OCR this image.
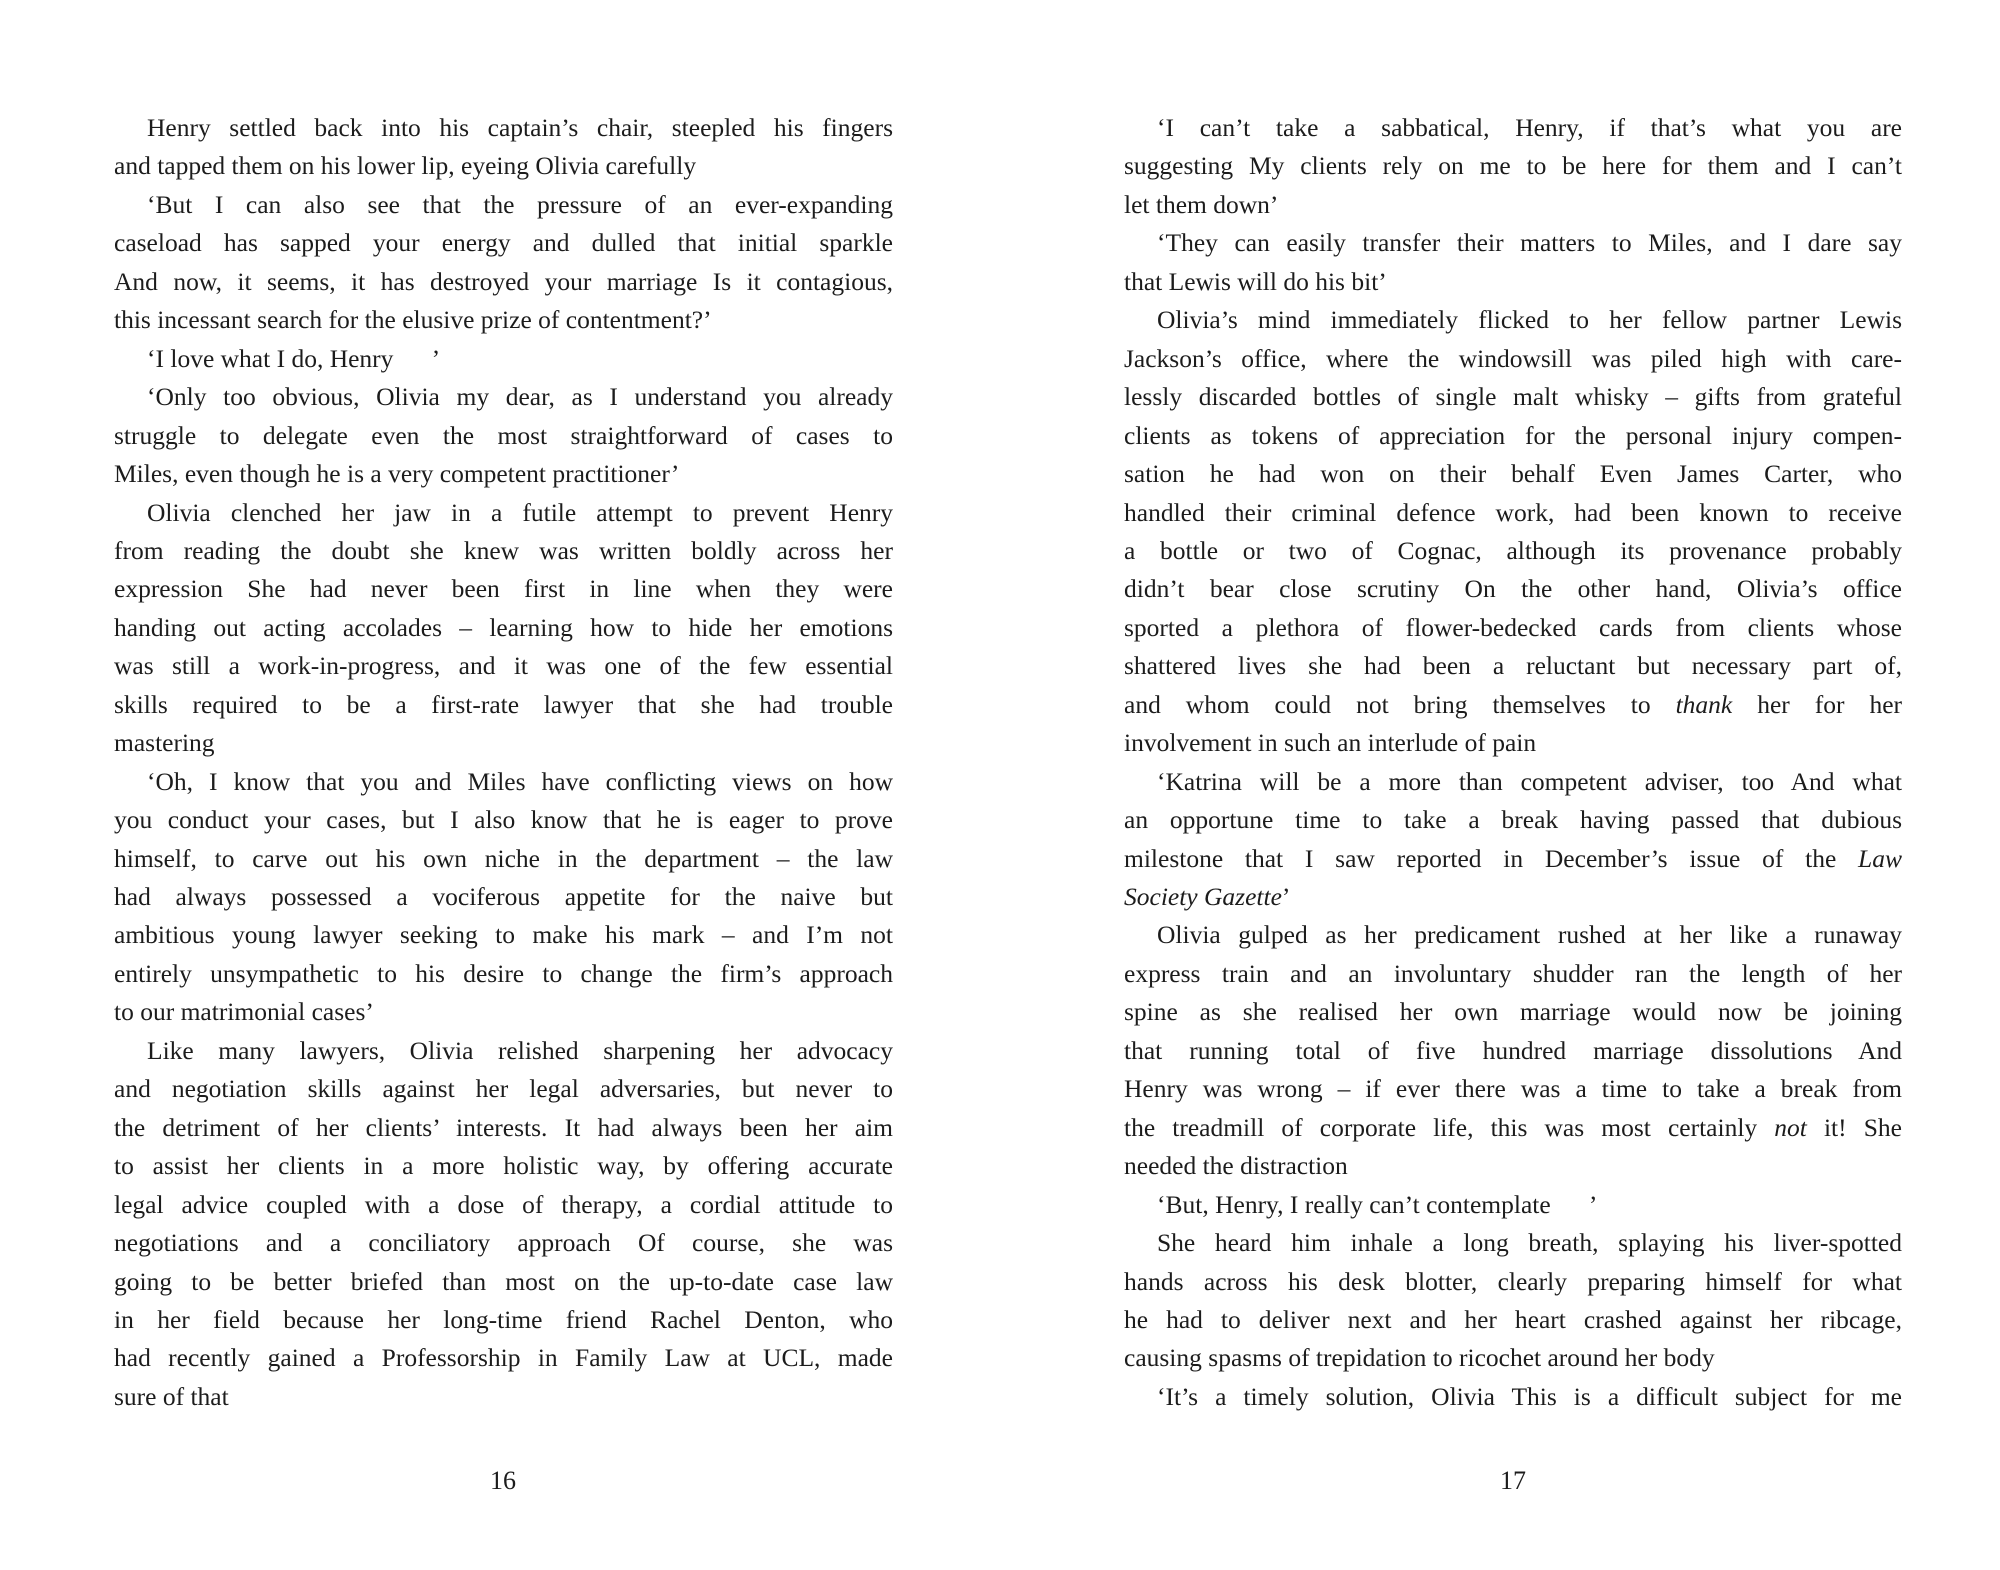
Henry settled back into his captain’s chair, steepled his fingers
and tapped them on his lower lip, eyeing Olivia carefully
‘But I can also see that the pressure of an ever-expanding
caseload has sapped your energy and dulled that initial sparkle
And now, it seems, it has destroyed your marriage Is it contagious,
this incessant search for the elusive prize of contentment?’
‘I love what I do, Henry      ’
‘Only too obvious, Olivia my dear, as I understand you already
struggle to delegate even the most straightforward of cases to
Miles, even though he is a very competent practitioner’
Olivia clenched her jaw in a futile attempt to prevent Henry
from reading the doubt she knew was written boldly across her
expression She had never been first in line when they were
handing out acting accolades – learning how to hide her emotions
was still a work-in-progress, and it was one of the few essential
skills required to be a first-rate lawyer that she had trouble
mastering
‘Oh, I know that you and Miles have conflicting views on how
you conduct your cases, but I also know that he is eager to prove
himself, to carve out his own niche in the department – the law
had always possessed a vociferous appetite for the naive but
ambitious young lawyer seeking to make his mark – and I’m not
entirely unsympathetic to his desire to change the firm’s approach
to our matrimonial cases’
Like many lawyers, Olivia relished sharpening her advocacy
and negotiation skills against her legal adversaries, but never to
the detriment of her clients’ interests. It had always been her aim
to assist her clients in a more holistic way, by offering accurate
legal advice coupled with a dose of therapy, a cordial attitude to
negotiations and a conciliatory approach Of course, she was
going to be better briefed than most on the up-to-date case law
in her field because her long-time friend Rachel Denton, who
had recently gained a Professorship in Family Law at UCL, made
sure of that
16
‘I can’t take a sabbatical, Henry, if that’s what you are
suggesting My clients rely on me to be here for them and I can’t
let them down’
‘They can easily transfer their matters to Miles, and I dare say
that Lewis will do his bit’
Olivia’s mind immediately flicked to her fellow partner Lewis
Jackson’s office, where the windowsill was piled high with care-
lessly discarded bottles of single malt whisky – gifts from grateful
clients as tokens of appreciation for the personal injury compen-
sation he had won on their behalf Even James Carter, who
handled their criminal defence work, had been known to receive
a bottle or two of Cognac, although its provenance probably
didn’t bear close scrutiny On the other hand, Olivia’s office
sported a plethora of flower-bedecked cards from clients whose
shattered lives she had been a reluctant but necessary part of,
and whom could not bring themselves to thank her for her
involvement in such an interlude of pain
‘Katrina will be a more than competent adviser, too And what
an opportune time to take a break having passed that dubious
milestone that I saw reported in December’s issue of the Law
Society Gazette’
Olivia gulped as her predicament rushed at her like a runaway
express train and an involuntary shudder ran the length of her
spine as she realised her own marriage would now be joining
that running total of five hundred marriage dissolutions And
Henry was wrong – if ever there was a time to take a break from
the treadmill of corporate life, this was most certainly not it! She
needed the distraction
‘But, Henry, I really can’t contemplate      ’
She heard him inhale a long breath, splaying his liver-spotted
hands across his desk blotter, clearly preparing himself for what
he had to deliver next and her heart crashed against her ribcage,
causing spasms of trepidation to ricochet around her body
‘It’s a timely solution, Olivia This is a difficult subject for me
17
